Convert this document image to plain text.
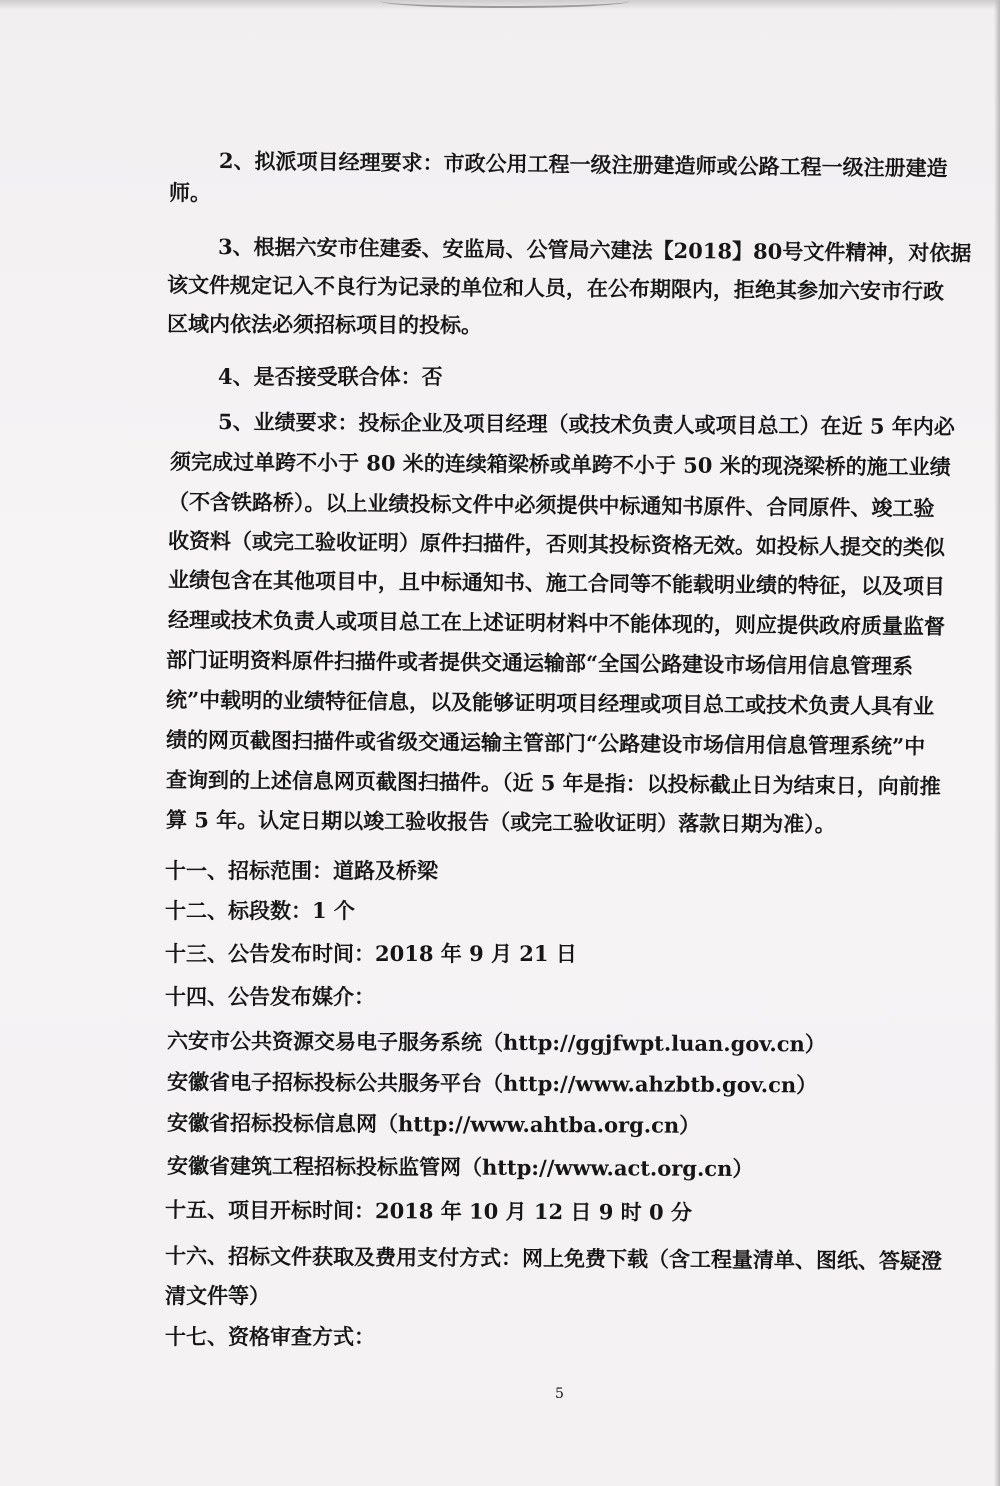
2、拟派项目经理要求：市政公用工程一级注册建造师或公路工程一级注册建造
师。
3、根据六安市住建委、安监局、公管局六建法【2018】80号文件精神，对依据
该文件规定记入不良行为记录的单位和人员，在公布期限内，拒绝其参加六安市行政
区域内依法必须招标项目的投标。
4、是否接受联合体：否
5、业绩要求：投标企业及项目经理（或技术负责人或项目总工）在近 5 年内必
须完成过单跨不小于 80 米的连续箱梁桥或单跨不小于 50 米的现浇梁桥的施工业绩
（不含铁路桥）。以上业绩投标文件中必须提供中标通知书原件、合同原件、竣工验
收资料（或完工验收证明）原件扫描件，否则其投标资格无效。如投标人提交的类似
业绩包含在其他项目中，且中标通知书、施工合同等不能载明业绩的特征，以及项目
经理或技术负责人或项目总工在上述证明材料中不能体现的，则应提供政府质量监督
部门证明资料原件扫描件或者提供交通运输部“全国公路建设市场信用信息管理系
统”中载明的业绩特征信息，以及能够证明项目经理或项目总工或技术负责人具有业
绩的网页截图扫描件或省级交通运输主管部门“公路建设市场信用信息管理系统”中
查询到的上述信息网页截图扫描件。（近 5 年是指：以投标截止日为结束日，向前推
算 5 年。认定日期以竣工验收报告（或完工验收证明）落款日期为准）。
十一、招标范围：道路及桥梁
十二、标段数：1 个
十三、公告发布时间：2018 年 9 月 21 日
十四、公告发布媒介：
六安市公共资源交易电子服务系统（http://ggjfwpt.luan.gov.cn）
安徽省电子招标投标公共服务平台（http://www.ahzbtb.gov.cn）
安徽省招标投标信息网（http://www.ahtba.org.cn）
安徽省建筑工程招标投标监管网（http://www.act.org.cn）
十五、项目开标时间：2018 年 10 月 12 日 9 时 0 分
十六、招标文件获取及费用支付方式：网上免费下载（含工程量清单、图纸、答疑澄
清文件等）
十七、资格审查方式：
5
